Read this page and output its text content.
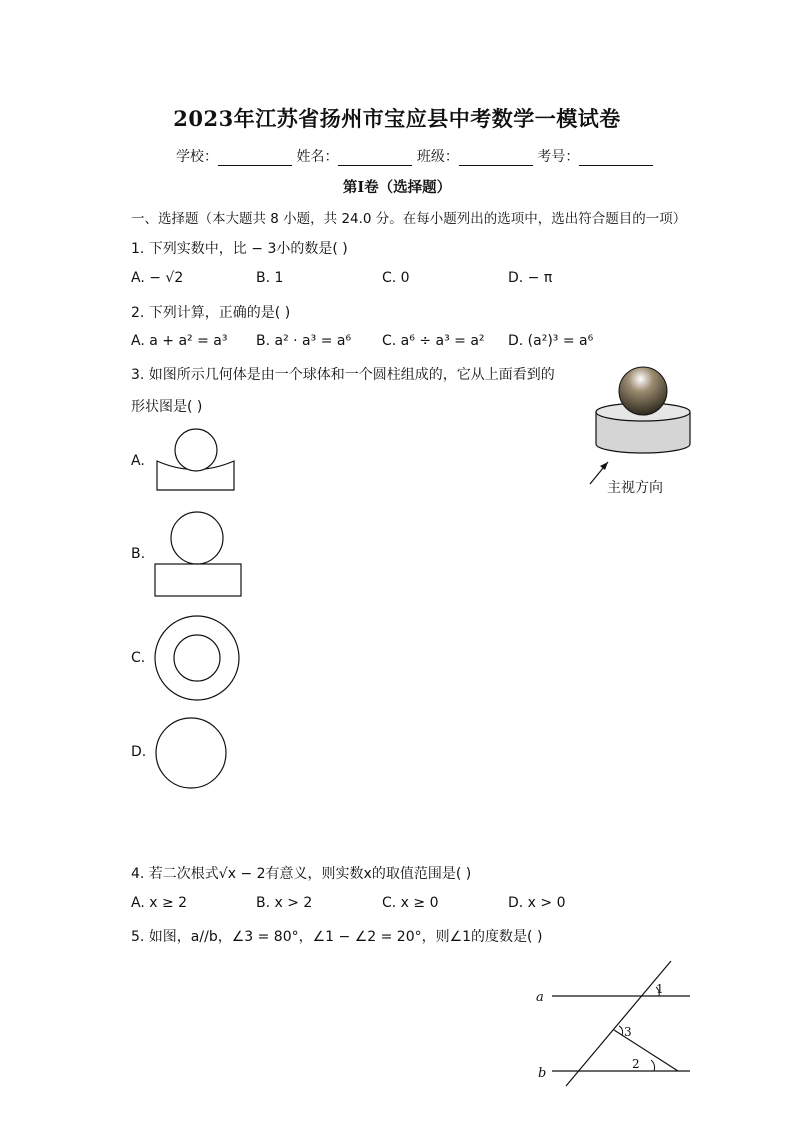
2023年江苏省扬州市宝应县中考数学一模试卷
学校：	姓名：	班级：	考号：
第Ⅰ卷（选择题）
一、选择题（本大题共 8 小题，共 24.0 分。在每小题列出的选项中，选出符合题目的一项）
1. 下列实数中，比 − 3小的数是( )
A. − √2	B. 1	C. 0	D. − π
2. 下列计算，正确的是( )
A. a + a² = a³ B. a² · a³ = a⁶ C. a⁶ ÷ a³ = a² D. (a²)³ = a⁶
3. 如图所示几何体是由一个球体和一个圆柱组成的，它从上面看到的
形状图是( )
主视方向
A.
B.
C.
D.
4. 若二次根式√x − 2有意义，则实数x的取值范围是( )
A. x ≥ 2	B. x > 2	C. x ≥ 0	D. x > 0
5. 如图，a//b，∠3 = 80°，∠1 − ∠2 = 20°，则∠1的度数是( )
a
b
1
3
2
